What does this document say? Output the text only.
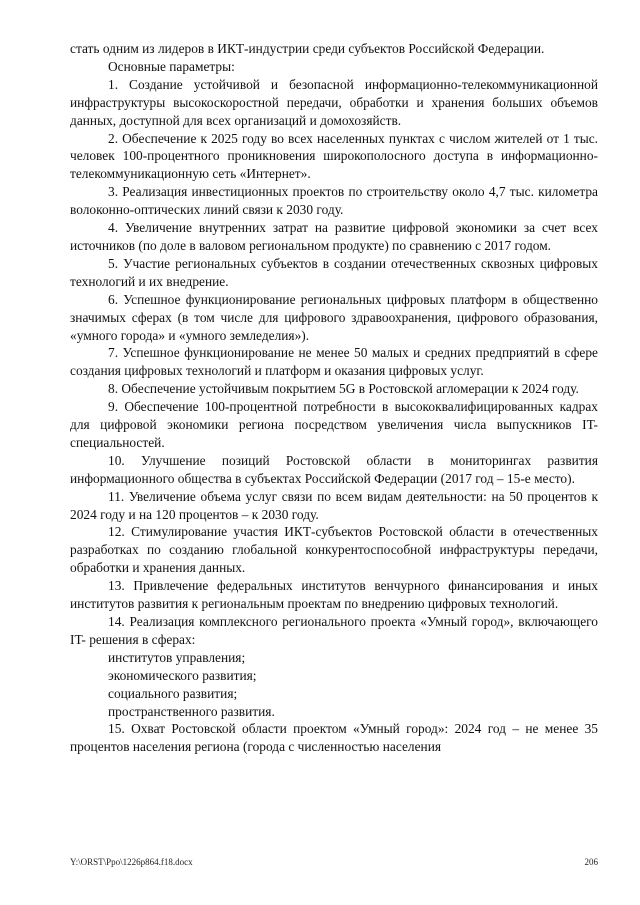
стать одним из лидеров в ИКТ-индустрии среди субъектов Российской Федерации.

Основные параметры:

1. Создание устойчивой и безопасной информационно-телекоммуникационной инфраструктуры высокоскоростной передачи, обработки и хранения больших объемов данных, доступной для всех организаций и домохозяйств.

2. Обеспечение к 2025 году во всех населенных пунктах с числом жителей от 1 тыс. человек 100-процентного проникновения широкополосного доступа в информационно-телекоммуникационную сеть «Интернет».

3. Реализация инвестиционных проектов по строительству около 4,7 тыс. километра волоконно-оптических линий связи к 2030 году.

4. Увеличение внутренних затрат на развитие цифровой экономики за счет всех источников (по доле в валовом региональном продукте) по сравнению с 2017 годом.

5. Участие региональных субъектов в создании отечественных сквозных цифровых технологий и их внедрение.

6. Успешное функционирование региональных цифровых платформ в общественно значимых сферах (в том числе для цифрового здравоохранения, цифрового образования, «умного города» и «умного земледелия»).

7. Успешное функционирование не менее 50 малых и средних предприятий в сфере создания цифровых технологий и платформ и оказания цифровых услуг.

8. Обеспечение устойчивым покрытием 5G в Ростовской агломерации к 2024 году.

9. Обеспечение 100-процентной потребности в высококвалифицированных кадрах для цифровой экономики региона посредством увеличения числа выпускников IT-специальностей.

10. Улучшение позиций Ростовской области в мониторингах развития информационного общества в субъектах Российской Федерации (2017 год – 15-е место).

11. Увеличение объема услуг связи по всем видам деятельности: на 50 процентов к 2024 году и на 120 процентов – к 2030 году.

12. Стимулирование участия ИКТ-субъектов Ростовской области в отечественных разработках по созданию глобальной конкурентоспособной инфраструктуры передачи, обработки и хранения данных.

13. Привлечение федеральных институтов венчурного финансирования и иных институтов развития к региональным проектам по внедрению цифровых технологий.

14. Реализация комплексного регионального проекта «Умный город», включающего IT- решения в сферах:

институтов управления;

экономического развития;

социального развития;

пространственного развития.

15. Охват Ростовской области проектом «Умный город»: 2024 год – не менее 35 процентов населения региона (города с численностью населения

Y:\ORST\Ppo\1226p864.f18.docx	206
